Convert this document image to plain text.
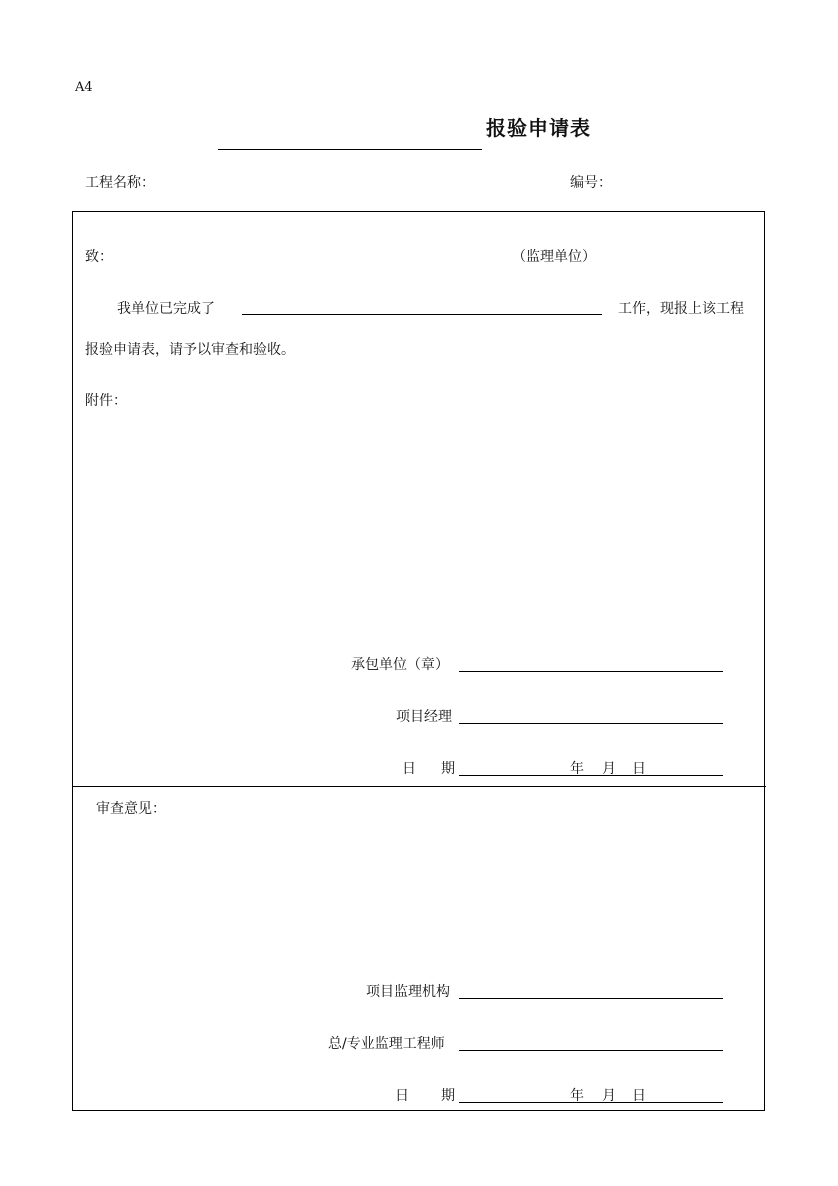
A4
报验申请表
工程名称：	编号：
致：	（监理单位）
我单位已完成了	工作，现报上该工程
报验申请表，请予以审查和验收。
附件：
承包单位（章）
项目经理
日 期	年 月 日
审查意见：
项目监理机构
总/专业监理工程师
日 期	年 月 日
